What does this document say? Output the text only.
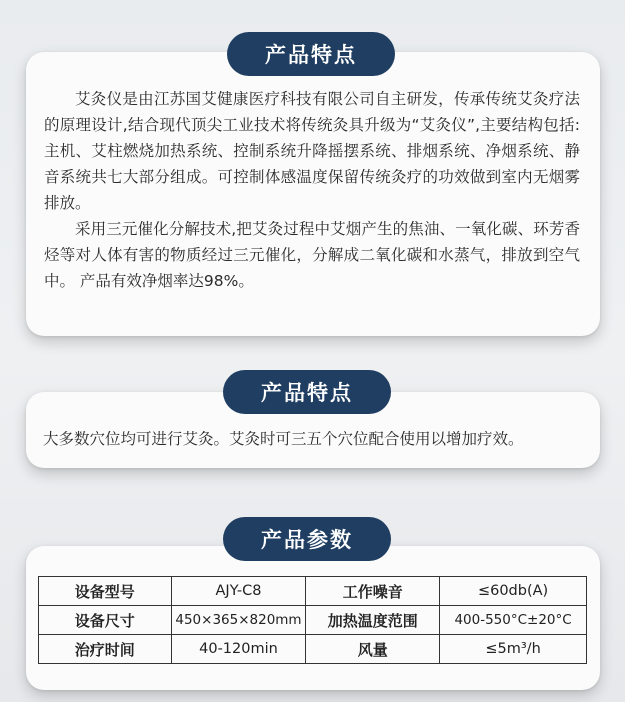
产品特点

艾灸仪是由江苏国艾健康医疗科技有限公司自主研发，传承传统艾灸疗法的原理设计,结合现代顶尖工业技术将传统灸具升级为“艾灸仪”,主要结构包括:主机、艾柱燃烧加热系统、控制系统升降摇摆系统、排烟系统、净烟系统、静音系统共七大部分组成。可控制体感温度保留传统灸疗的功效做到室内无烟雾排放。

采用三元催化分解技术,把艾灸过程中艾烟产生的焦油、一氧化碳、环芳香烃等对人体有害的物质经过三元催化，分解成二氧化碳和水蒸气，排放到空气中。 产品有效净烟率达98%。

产品特点
大多数穴位均可进行艾灸。艾灸时可三五个穴位配合使用以增加疗效。
产品参数
设备型号	AJY-C8	工作噪音	≤60db(A)
设备尺寸	450×365×820mm	加热温度范围	400-550°C±20°C
治疗时间	40-120min	风量	≤5m³/h
